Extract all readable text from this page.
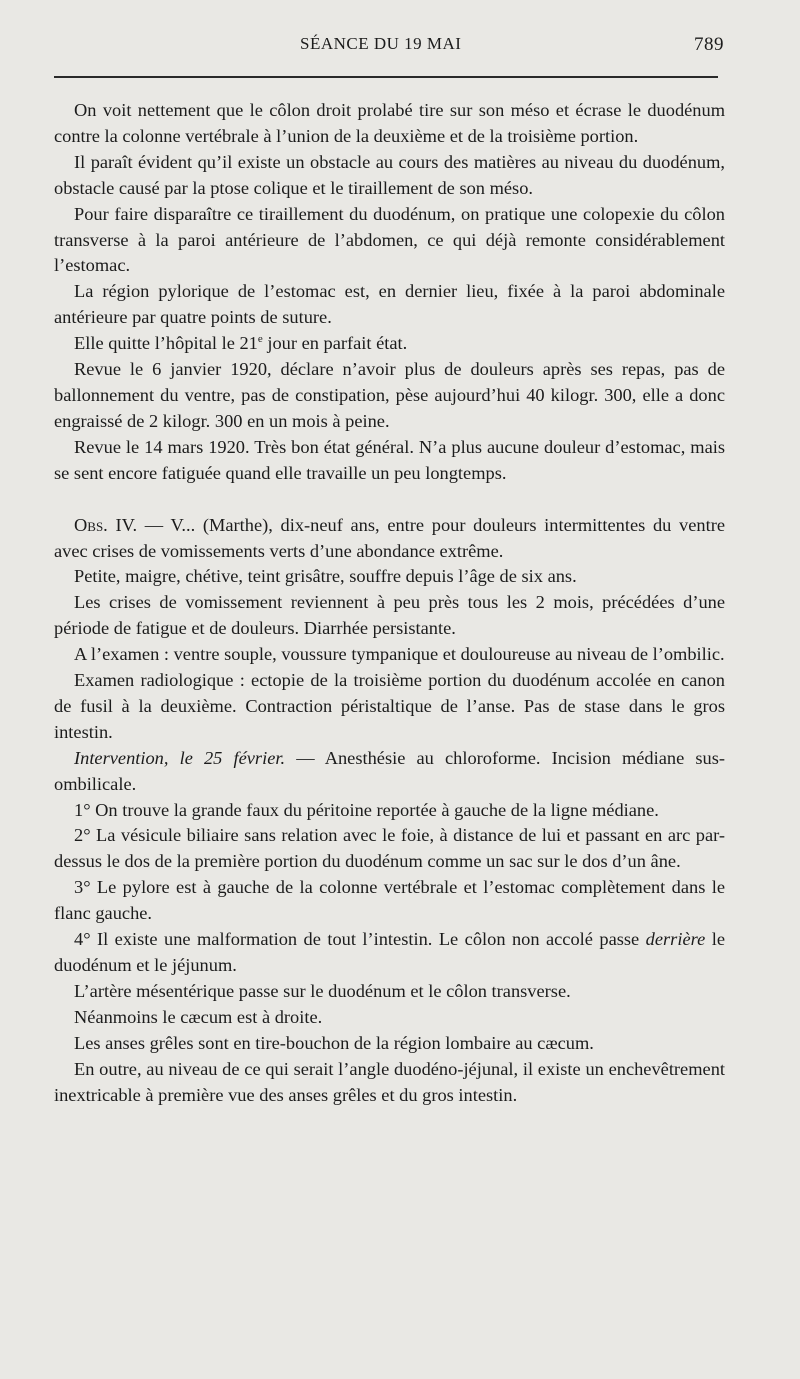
SÉANCE DU 19 MAI	789

On voit nettement que le côlon droit prolabé tire sur son méso et écrase le duodénum contre la colonne vertébrale à l’union de la deuxième et de la troisième portion.

Il paraît évident qu’il existe un obstacle au cours des matières au niveau du duodénum, obstacle causé par la ptose colique et le tiraillement de son méso.

Pour faire disparaître ce tiraillement du duodénum, on pratique une colopexie du côlon transverse à la paroi antérieure de l’abdomen, ce qui déjà remonte considérablement l’estomac.

La région pylorique de l’estomac est, en dernier lieu, fixée à la paroi abdominale antérieure par quatre points de suture.

Elle quitte l’hôpital le 21e jour en parfait état.

Revue le 6 janvier 1920, déclare n’avoir plus de douleurs après ses repas, pas de ballonnement du ventre, pas de constipation, pèse aujourd’hui 40 kilogr. 300, elle a donc engraissé de 2 kilogr. 300 en un mois à peine.

Revue le 14 mars 1920. Très bon état général. N’a plus aucune douleur d’estomac, mais se sent encore fatiguée quand elle travaille un peu longtemps.

Obs. IV. — V... (Marthe), dix-neuf ans, entre pour douleurs intermittentes du ventre avec crises de vomissements verts d’une abondance extrême.

Petite, maigre, chétive, teint grisâtre, souffre depuis l’âge de six ans.

Les crises de vomissement reviennent à peu près tous les 2 mois, précédées d’une période de fatigue et de douleurs. Diarrhée persistante.

A l’examen : ventre souple, voussure tympanique et douloureuse au niveau de l’ombilic.

Examen radiologique : ectopie de la troisième portion du duodénum accolée en canon de fusil à la deuxième. Contraction péristaltique de l’anse. Pas de stase dans le gros intestin.

Intervention, le 25 février. — Anesthésie au chloroforme. Incision médiane sus-ombilicale.

1° On trouve la grande faux du péritoine reportée à gauche de la ligne médiane.

2° La vésicule biliaire sans relation avec le foie, à distance de lui et passant en arc par-dessus le dos de la première portion du duodénum comme un sac sur le dos d’un âne.

3° Le pylore est à gauche de la colonne vertébrale et l’estomac complètement dans le flanc gauche.

4° Il existe une malformation de tout l’intestin. Le côlon non accolé passe derrière le duodénum et le jéjunum.

L’artère mésentérique passe sur le duodénum et le côlon transverse.

Néanmoins le cæcum est à droite.

Les anses grêles sont en tire-bouchon de la région lombaire au cæcum.

En outre, au niveau de ce qui serait l’angle duodéno-jéjunal, il existe un enchevêtrement inextricable à première vue des anses grêles et du gros intestin.
